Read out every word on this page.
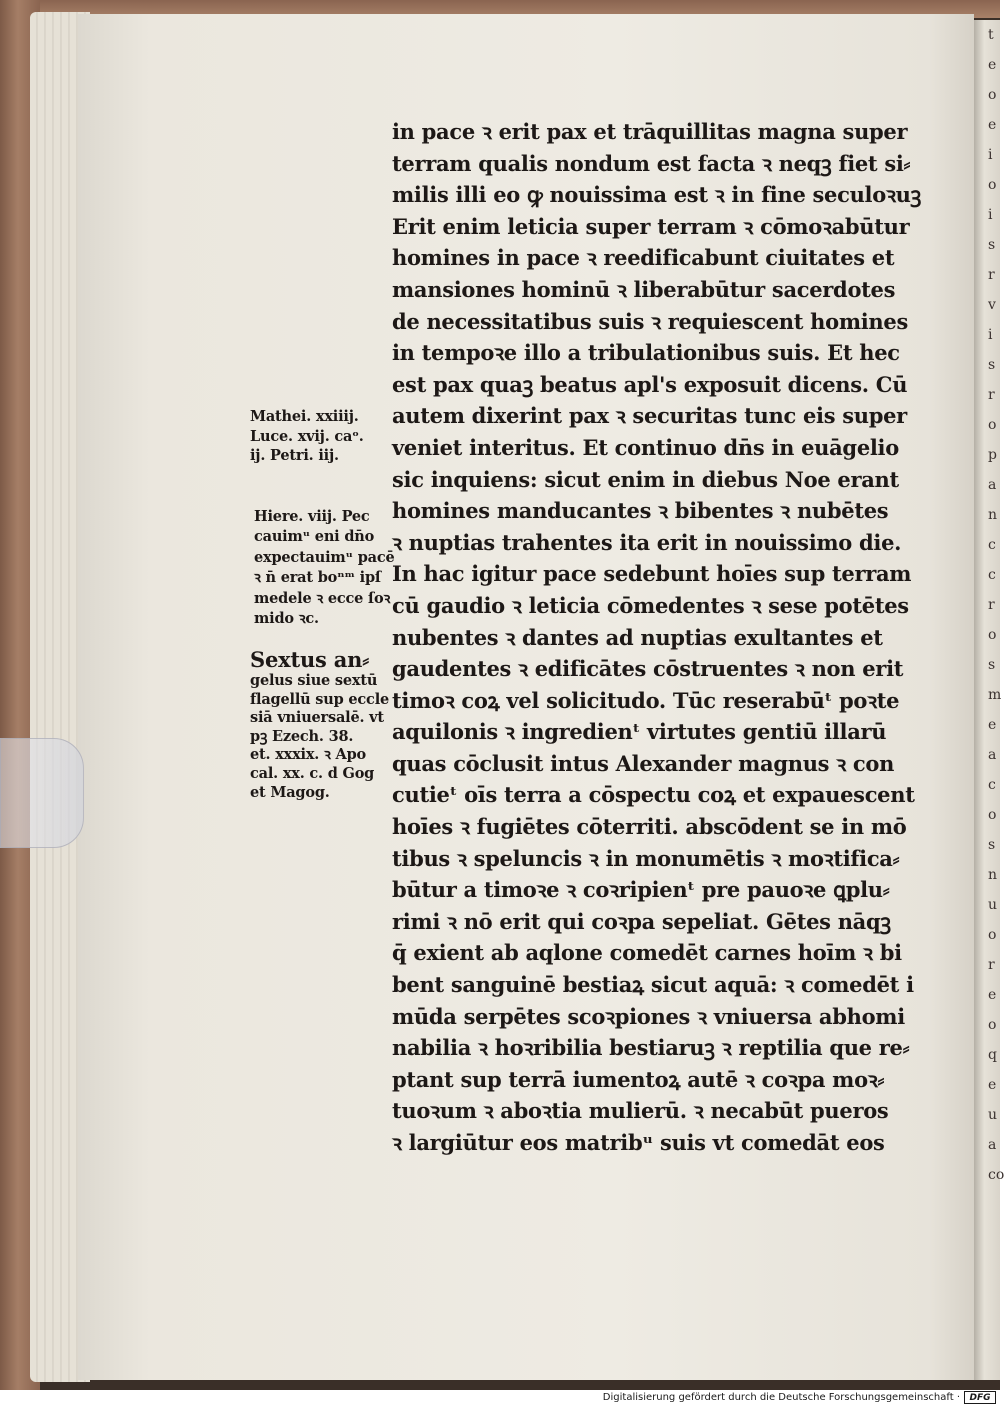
t
e
o
e
i
o
i
s
r
v
i
s
r
o
p
a
n
c
c
r
o
s
m
e
a
c
o
s
n
u
o
r
e
o
q
e
u
a
co
Mathei. xxiiij.
Luce. xvij. caᵒ.
ij. Petri. iij.
Hiere. viij. Pec
cauimᵘ eni dn̄o
expectauimᵘ pacē
ꝛ n̄ erat boⁿᵐ ipſ
medele ꝛ ecce ſoꝛ
mido ꝛc.
Sextus an⸗
gelus siue sextū
flagellū sup eccle
siā vniuersalē. vt
pꝫ Ezech. 38.
et. xxxix. ꝛ Apo
cal. xx. c. d Gog
et Magog.
in pace ꝛ erit pax et trāquillitas magna super
terram qualis nondum est facta ꝛ neqꝫ fiet si⸗
milis illi eo ꝙ nouissima est ꝛ in fine seculoꝛuꝫ
Erit enim leticia super terram ꝛ cōmoꝛabūtur
homines in pace ꝛ reedificabunt ciuitates et
mansiones hominū ꝛ liberabūtur sacerdotes
de necessitatibus suis ꝛ requiescent homines
in tempoꝛe illo a tribulationibus suis. Et hec
est pax quaꝫ beatus apl's exposuit dicens. Cū
autem dixerint pax ꝛ securitas tunc eis super
veniet interitus. Et continuo dn̄s in euāgelio
sic inquiens: sicut enim in diebus Noe erant
homines manducantes ꝛ bibentes ꝛ nubētes
ꝛ nuptias trahentes ita erit in nouissimo die.
In hac igitur pace sedebunt hoīes sup terram
cū gaudio ꝛ leticia cōmedentes ꝛ sese potētes
nubentes ꝛ dantes ad nuptias exultantes et
gaudentes ꝛ edificātes cōstruentes ꝛ non erit
timoꝛ coꝝ vel solicitudo. Tūc reserabūᵗ poꝛte
aquilonis ꝛ ingredienᵗ virtutes gentiū illarū
quas cōclusit intus Alexander magnus ꝛ con
cutieᵗ oīs terra a cōspectu coꝝ et expauescent
hoīes ꝛ fugiētes cōterriti. abscōdent se in mō
tibus ꝛ speluncis ꝛ in monumētis ꝛ moꝛtifica⸗
būtur a timoꝛe ꝛ coꝛripienᵗ pre pauoꝛe ꝗplu⸗
rimi ꝛ nō erit qui coꝛpa sepeliat. Gētes nāqꝫ
q̄ exient ab aqlone comedēt carnes hoīm ꝛ bi
bent sanguinē bestiaꝝ sicut aquā: ꝛ comedēt i
mūda serpētes scoꝛpiones ꝛ vniuersa abhomi
nabilia ꝛ hoꝛribilia bestiaruꝫ ꝛ reptilia que re⸗
ptant sup terrā iumentoꝝ autē ꝛ coꝛpa moꝛ⸗
tuoꝛum ꝛ aboꝛtia mulierū. ꝛ necabūt pueros
ꝛ largiūtur eos matribᵘ suis vt comedāt eos
Digitalisierung gefördert durch die Deutsche Forschungsgemeinschaft ·	DFG
